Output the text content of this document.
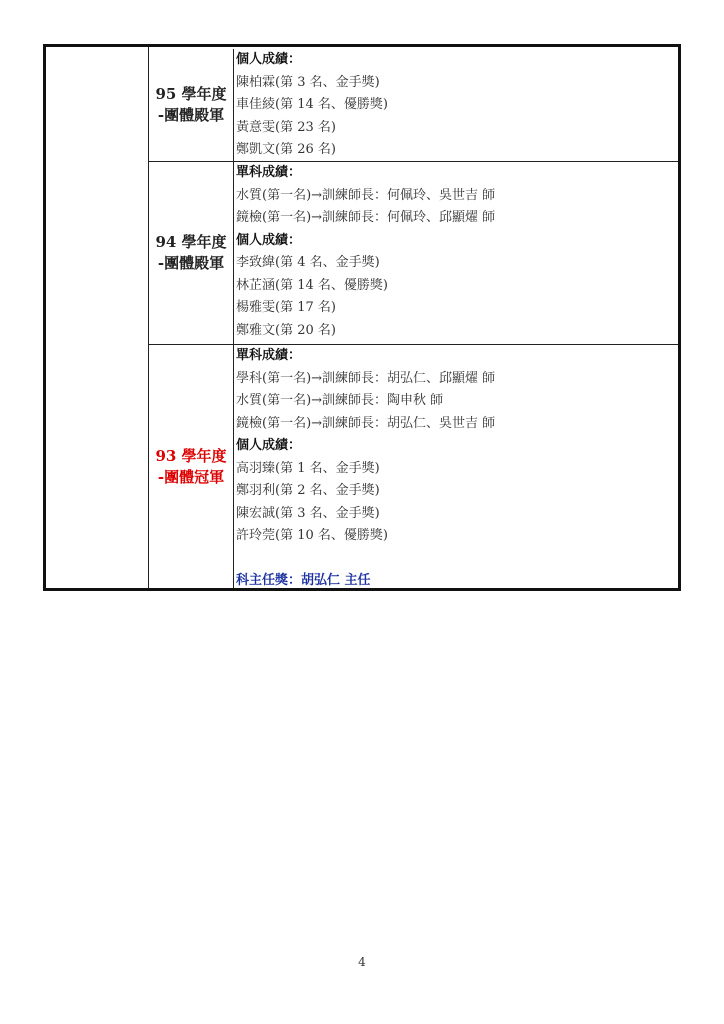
95 學年度
-團體殿軍
個人成績：
陳柏霖(第 3 名、金手獎)
車佳綾(第 14 名、優勝獎)
黃意雯(第 23 名)
鄭凱文(第 26 名)
94 學年度
-團體殿軍
單科成績：
水質(第一名)→訓練師長：何佩玲、吳世吉 師
鏡檢(第一名)→訓練師長：何佩玲、邱顯燿 師
個人成績：
李致緯(第 4 名、金手獎)
林芷涵(第 14 名、優勝獎)
楊雅雯(第 17 名)
鄭雅文(第 20 名)
93 學年度
-團體冠軍
單科成績：
學科(第一名)→訓練師長：胡弘仁、邱顯燿 師
水質(第一名)→訓練師長：陶申秋 師
鏡檢(第一名)→訓練師長：胡弘仁、吳世吉 師
個人成績：
高羽臻(第 1 名、金手獎)
鄭羽利(第 2 名、金手獎)
陳宏誠(第 3 名、金手獎)
許玲莞(第 10 名、優勝獎)
科主任獎：胡弘仁 主任
4
